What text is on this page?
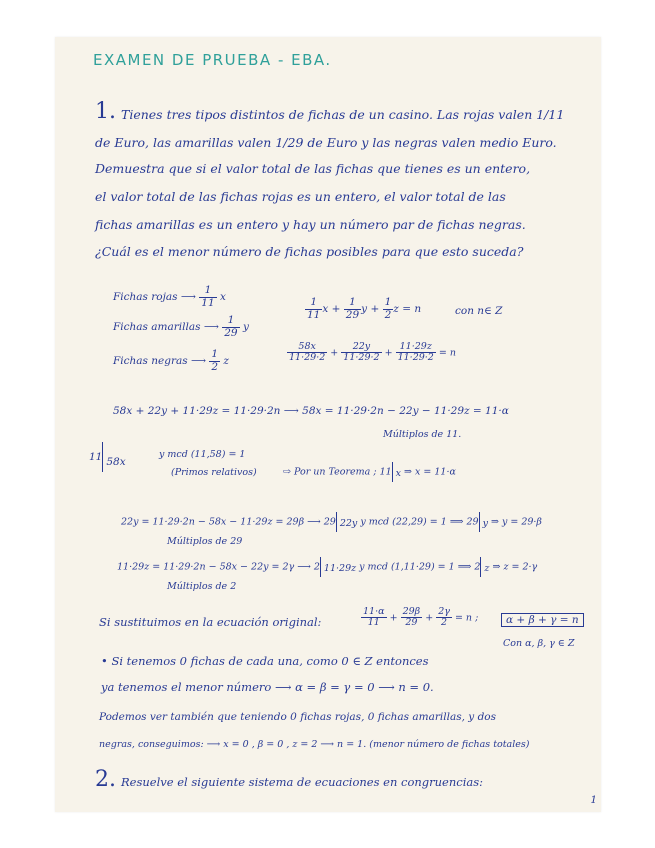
EXAMEN DE PRUEBA - EBA.
1. Tienes tres tipos distintos de fichas de un casino. Las rojas valen 1/11
de Euro, las amarillas valen 1/29 de Euro y las negras valen medio Euro.
Demuestra que si el valor total de las fichas que tienes es un entero,
el valor total de las fichas rojas es un entero, el valor total de las
fichas amarillas es un entero y hay un número par de fichas negras.
¿Cuál es el menor número de fichas posibles para que esto suceda?
Fichas rojas ⟶ $\frac{1}{11}$ x
Fichas amarillas ⟶ $\frac{1}{29}$ y
Fichas negras ⟶ $\frac{1}{2}$ z
$\frac{1}{11}$ $x + \frac{1}{29}$ $y + \frac{1}{2}$ z = n	con n∈ Z
$\frac{58x}{11\cdot 29\cdot 2} + \frac{22y}{11\cdot 29\cdot 2} + \frac{11\cdot 29z}{11\cdot 29\cdot 2} = n$
58x + 22y + 11·29z = 11·29·2n ⟶ 58x = 11·29·2n − 22y − 11·29z = 11·α
Múltiplos de 11.
11 58x
y mcd (11,58) = 1
(Primos relativos)	⇨ Por un Teorema ; 11 x ⇒ x = 11·α
22y = 11·29·2n − 58x − 11·29z = 29β ⟶ 29 22y y mcd (22,29) = 1 ⟹ 29 y ⇒ y = 29·β
Múltiplos de 29
11·29z = 11·29·2n − 58x − 22y = 2γ ⟶ 2 11·29z y mcd (1,11·29) = 1 ⟹ 2 z ⇒ z = 2·γ
Múltiplos de 2
Si sustituimos en la ecuación original:	$\frac{11\cdot\alpha}{11} + \frac{29\beta}{29} + \frac{2\gamma}{2} = n$ ;	α + β + γ = n
Con α, β, γ ∈ Z
• Si tenemos 0 fichas de cada una, como 0 ∈ Z entonces
ya tenemos el menor número ⟶ α = β = γ = 0 ⟶ n = 0.
Podemos ver también que teniendo 0 fichas rojas, 0 fichas amarillas, y dos
negras, conseguimos: ⟶ x = 0 , β = 0 , z = 2 ⟶ n = 1. (menor número de fichas totales)
2. Resuelve el siguiente sistema de ecuaciones en congruencias:
1
